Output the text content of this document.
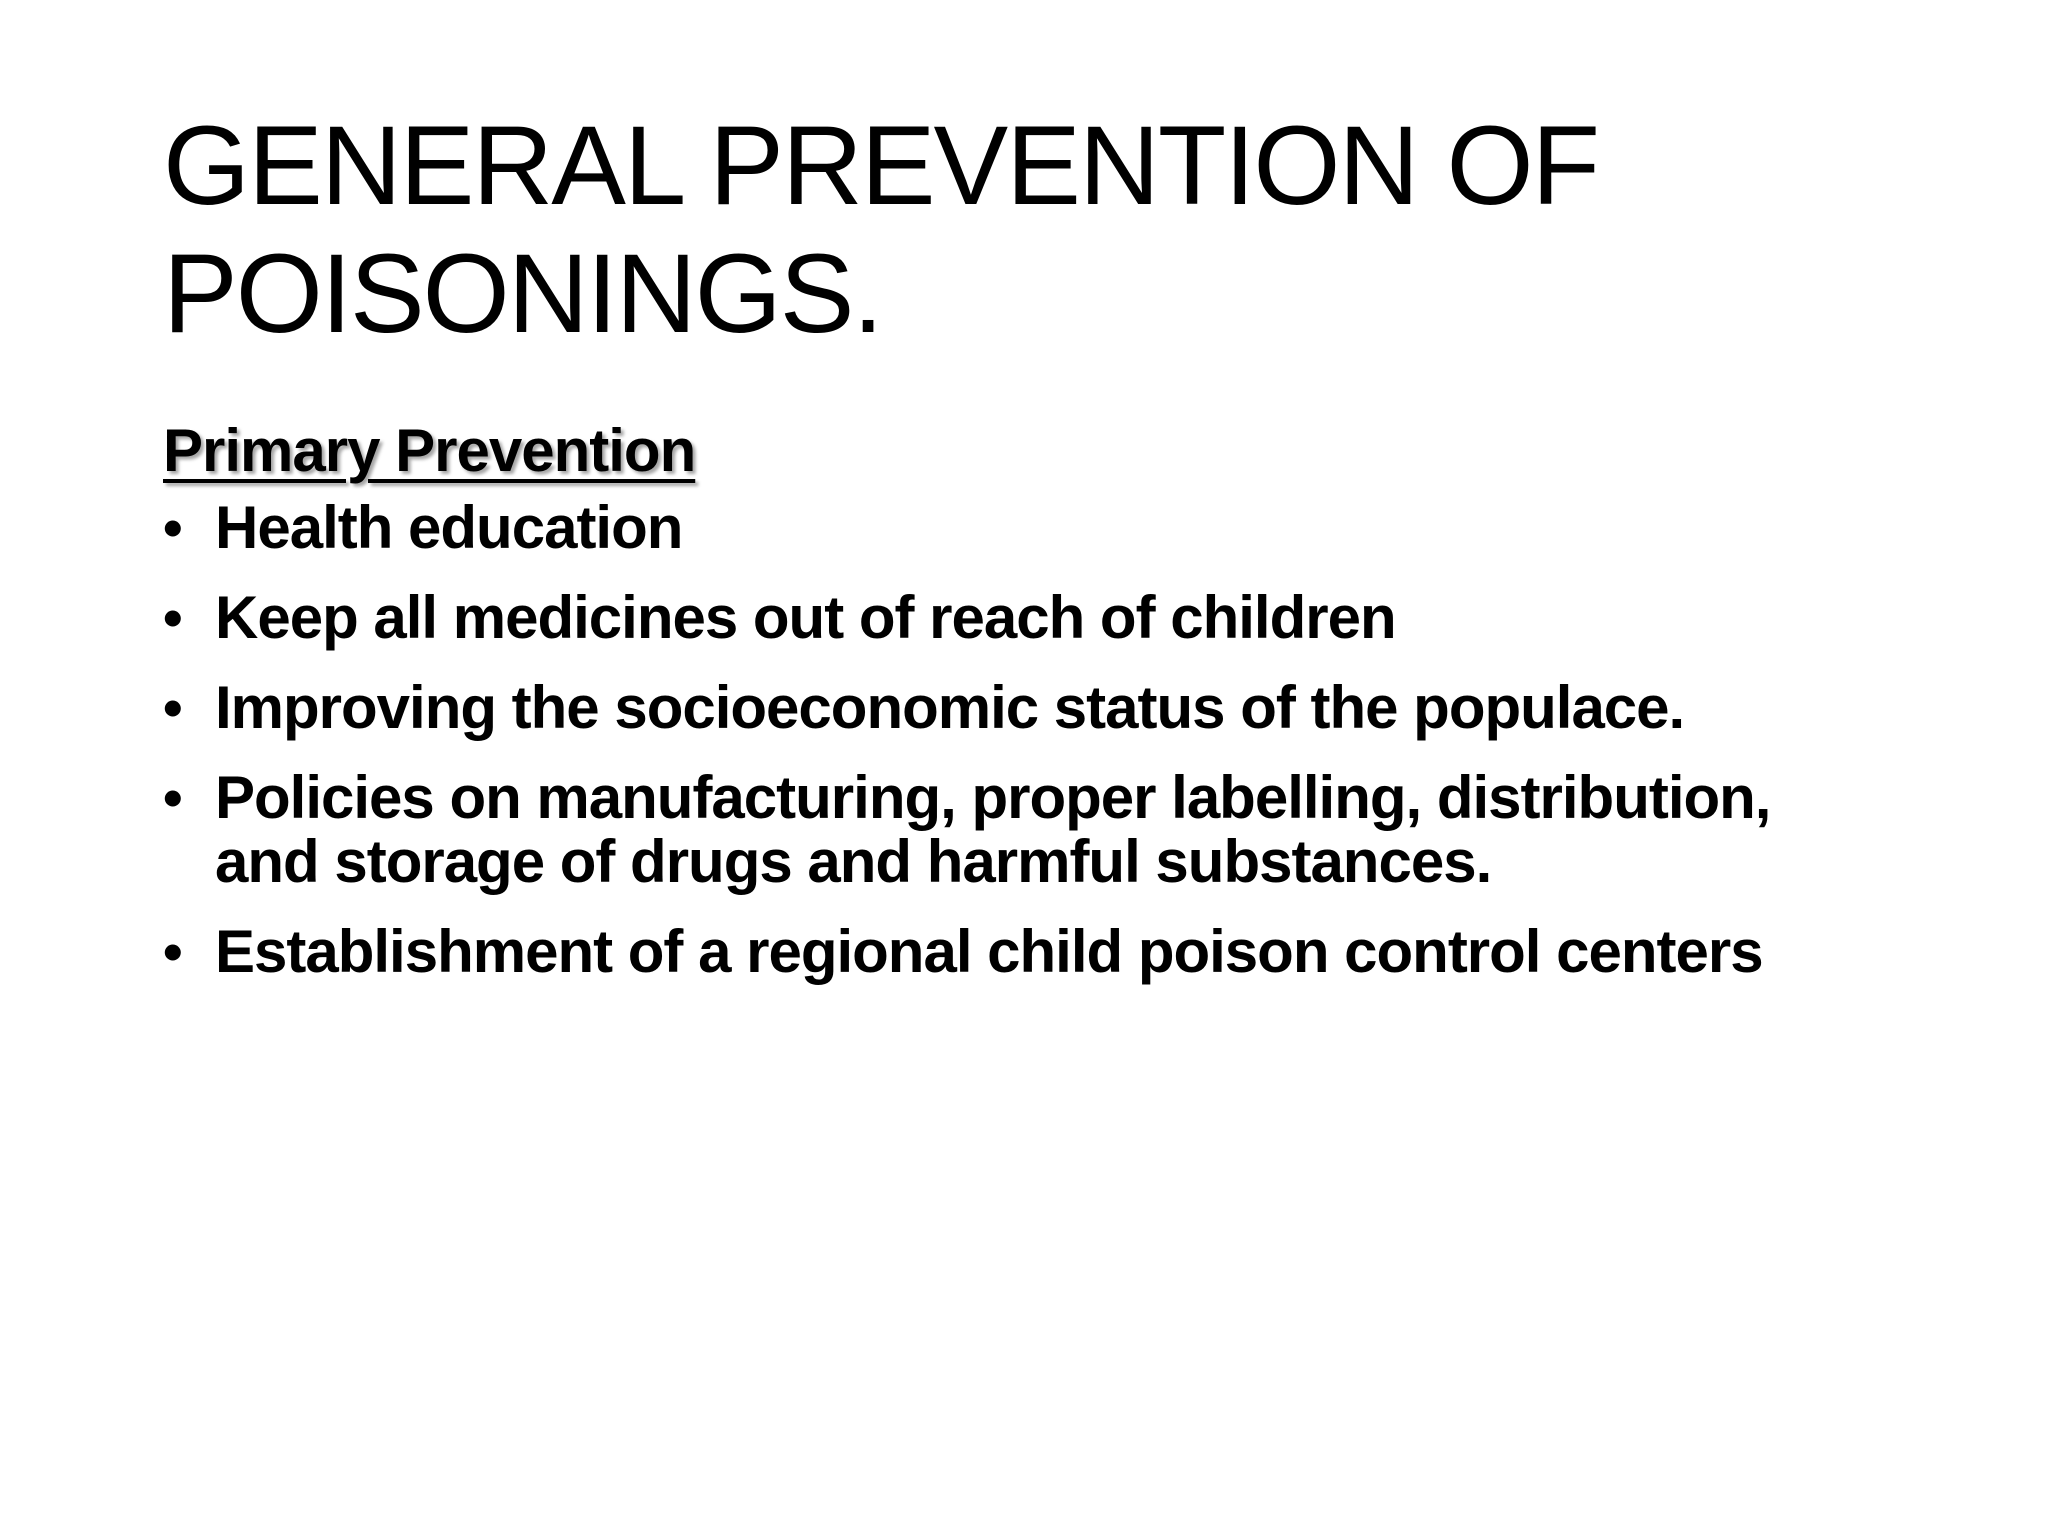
GENERAL PREVENTION OF
POISONINGS.
Primary Prevention
• Health education
• Keep all medicines out of reach of children
• Improving the socioeconomic status of the populace.
• Policies on manufacturing, proper labelling, distribution, and storage of drugs and harmful substances.
• Establishment of a regional child poison control centers
